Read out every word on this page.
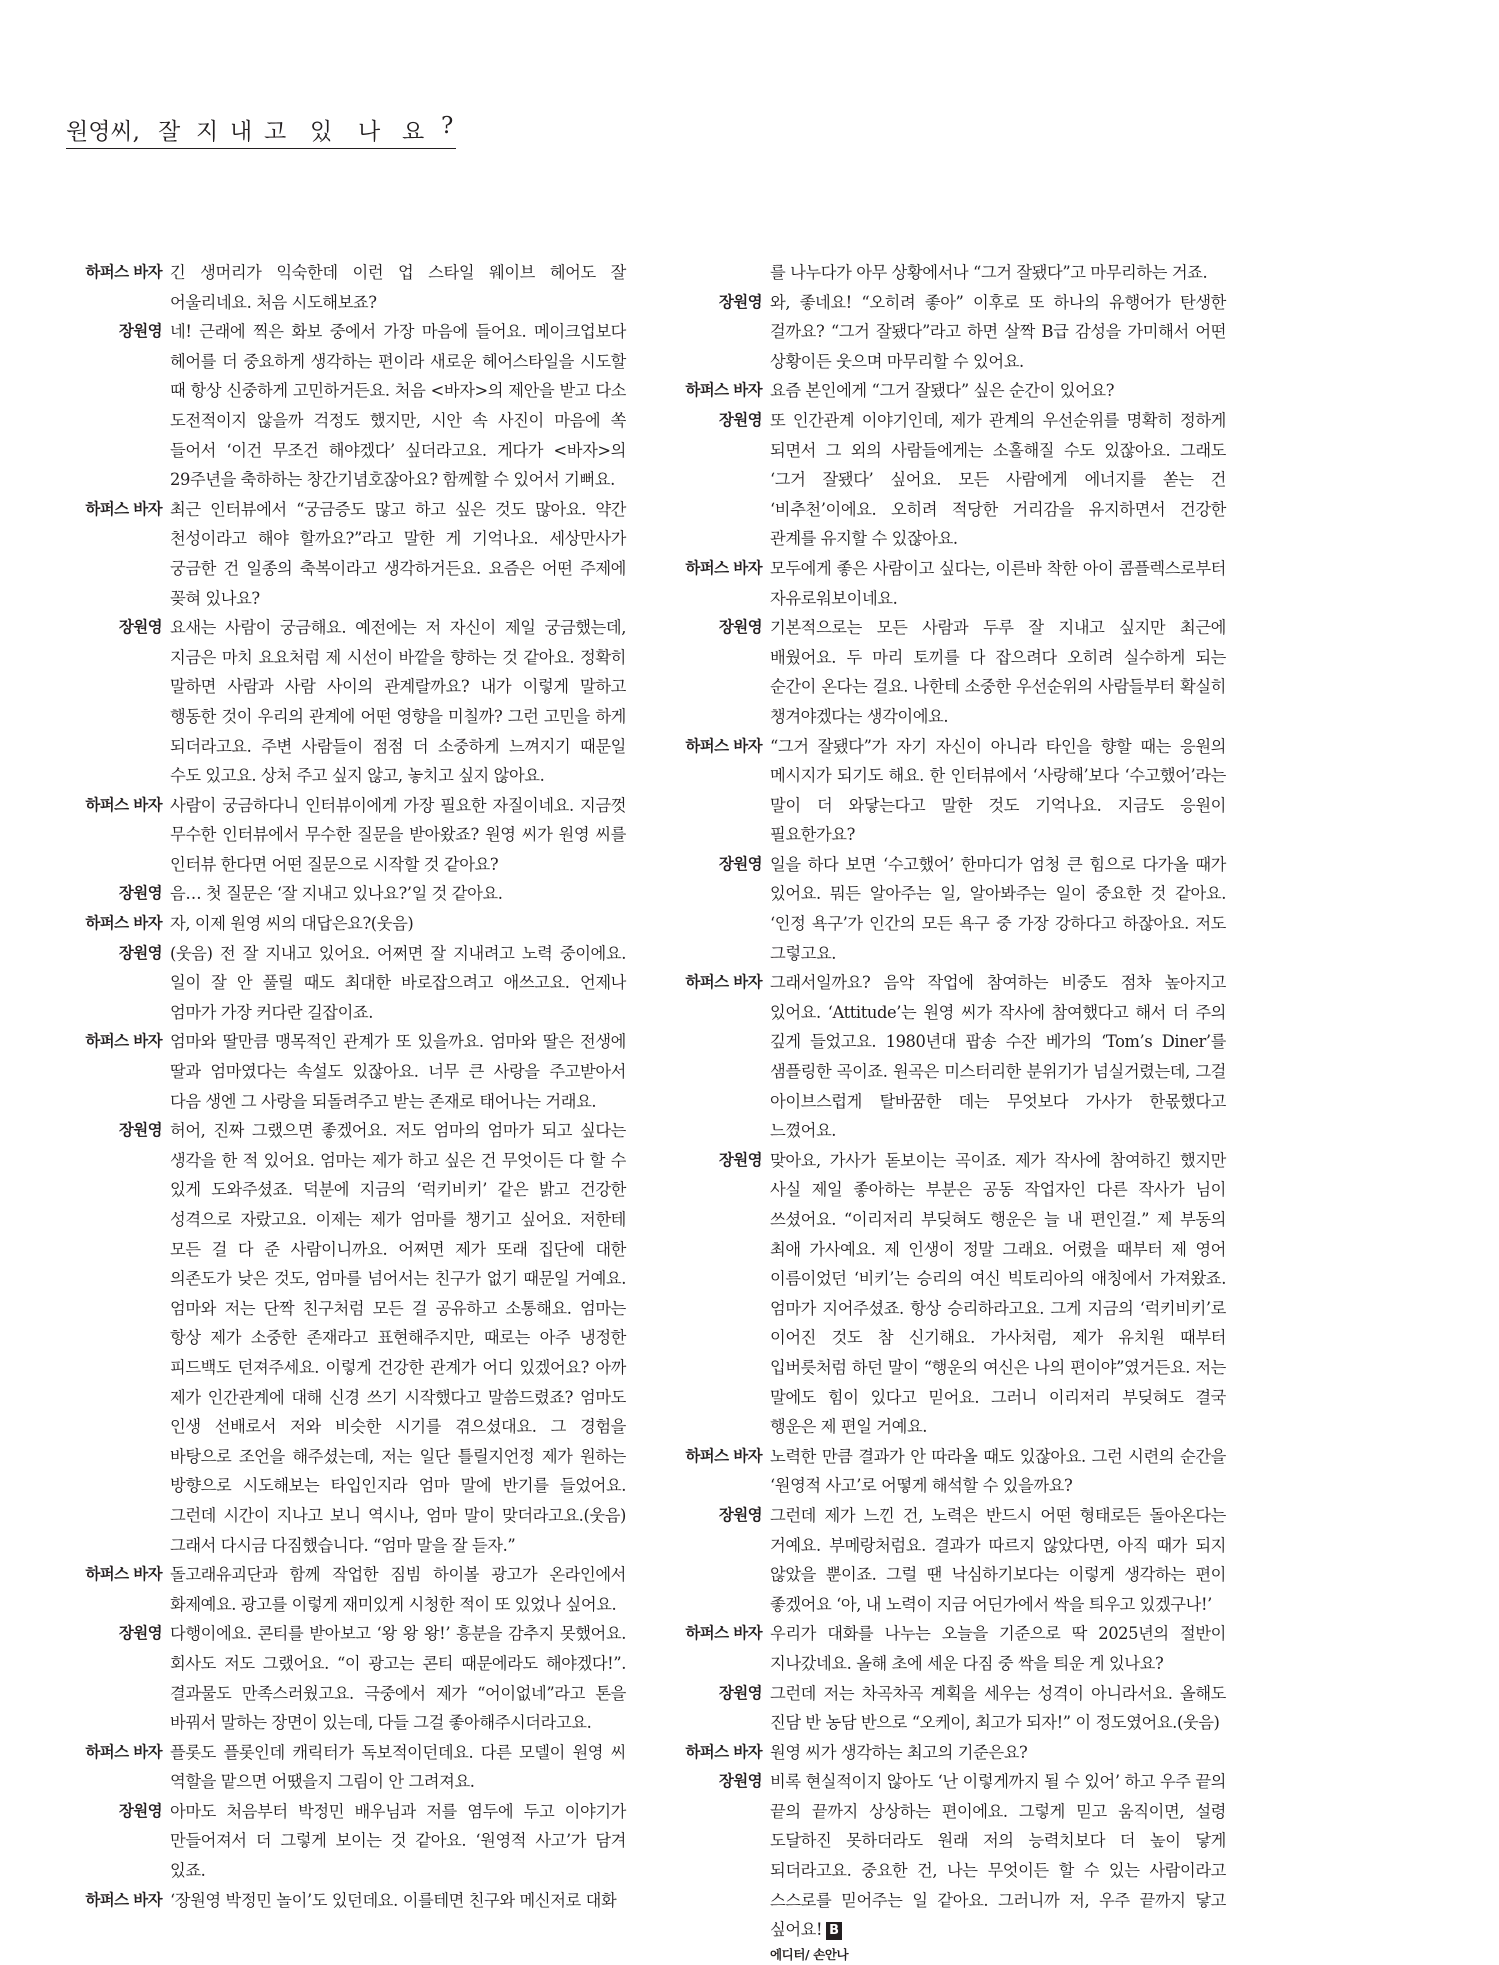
원영씨, 잘 지 내 고 있 나 요 ?
하퍼스 바자 긴 생머리가 익숙한데 이런 업 스타일 웨이브 헤어도 잘 어울리네요. 처음 시도해보죠?
장원영 네! 근래에 찍은 화보 중에서 가장 마음에 들어요. 메이크업보다 헤어를 더 중요하게 생각하는 편이라 새로운 헤어스타일을 시도할 때 항상 신중하게 고민하거든요. 처음 <바자>의 제안을 받고 다소 도전적이지 않을까 걱정도 했지만, 시안 속 사진이 마음에 쏙 들어서 ‘이건 무조건 해야겠다’ 싶더라고요. 게다가 <바자>의 29주년을 축하하는 창간기념호잖아요? 함께할 수 있어서 기뻐요.
하퍼스 바자 최근 인터뷰에서 “궁금증도 많고 하고 싶은 것도 많아요. 약간 천성이라고 해야 할까요?”라고 말한 게 기억나요. 세상만사가 궁금한 건 일종의 축복이라고 생각하거든요. 요즘은 어떤 주제에 꽂혀 있나요?
장원영 요새는 사람이 궁금해요. 예전에는 저 자신이 제일 궁금했는데, 지금은 마치 요요처럼 제 시선이 바깥을 향하는 것 같아요. 정확히 말하면 사람과 사람 사이의 관계랄까요? 내가 이렇게 말하고 행동한 것이 우리의 관계에 어떤 영향을 미칠까? 그런 고민을 하게 되더라고요. 주변 사람들이 점점 더 소중하게 느껴지기 때문일 수도 있고요. 상처 주고 싶지 않고, 놓치고 싶지 않아요.
하퍼스 바자 사람이 궁금하다니 인터뷰이에게 가장 필요한 자질이네요. 지금껏 무수한 인터뷰에서 무수한 질문을 받아왔죠? 원영 씨가 원영 씨를 인터뷰 한다면 어떤 질문으로 시작할 것 같아요?
장원영 음… 첫 질문은 ‘잘 지내고 있나요?’일 것 같아요.
하퍼스 바자 자, 이제 원영 씨의 대답은요?(웃음)
장원영 (웃음) 전 잘 지내고 있어요. 어쩌면 잘 지내려고 노력 중이에요. 일이 잘 안 풀릴 때도 최대한 바로잡으려고 애쓰고요. 언제나 엄마가 가장 커다란 길잡이죠.
하퍼스 바자 엄마와 딸만큼 맹목적인 관계가 또 있을까요. 엄마와 딸은 전생에 딸과 엄마였다는 속설도 있잖아요. 너무 큰 사랑을 주고받아서 다음 생엔 그 사랑을 되돌려주고 받는 존재로 태어나는 거래요.
장원영 허어, 진짜 그랬으면 좋겠어요. 저도 엄마의 엄마가 되고 싶다는 생각을 한 적 있어요. 엄마는 제가 하고 싶은 건 무엇이든 다 할 수 있게 도와주셨죠. 덕분에 지금의 ‘럭키비키’ 같은 밝고 건강한 성격으로 자랐고요. 이제는 제가 엄마를 챙기고 싶어요. 저한테 모든 걸 다 준 사람이니까요. 어쩌면 제가 또래 집단에 대한 의존도가 낮은 것도, 엄마를 넘어서는 친구가 없기 때문일 거예요. 엄마와 저는 단짝 친구처럼 모든 걸 공유하고 소통해요. 엄마는 항상 제가 소중한 존재라고 표현해주지만, 때로는 아주 냉정한 피드백도 던져주세요. 이렇게 건강한 관계가 어디 있겠어요? 아까 제가 인간관계에 대해 신경 쓰기 시작했다고 말씀드렸죠? 엄마도 인생 선배로서 저와 비슷한 시기를 겪으셨대요. 그 경험을 바탕으로 조언을 해주셨는데, 저는 일단 틀릴지언정 제가 원하는 방향으로 시도해보는 타입인지라 엄마 말에 반기를 들었어요. 그런데 시간이 지나고 보니 역시나, 엄마 말이 맞더라고요.(웃음) 그래서 다시금 다짐했습니다. “엄마 말을 잘 듣자.”
하퍼스 바자 돌고래유괴단과 함께 작업한 짐빔 하이볼 광고가 온라인에서 화제예요. 광고를 이렇게 재미있게 시청한 적이 또 있었나 싶어요.
장원영 다행이에요. 콘티를 받아보고 ‘왕 왕 왕!’ 흥분을 감추지 못했어요. 회사도 저도 그랬어요. “이 광고는 콘티 때문에라도 해야겠다!”. 결과물도 만족스러웠고요. 극중에서 제가 “어이없네”라고 톤을 바꿔서 말하는 장면이 있는데, 다들 그걸 좋아해주시더라고요.
하퍼스 바자 플롯도 플롯인데 캐릭터가 독보적이던데요. 다른 모델이 원영 씨 역할을 맡으면 어땠을지 그림이 안 그려져요.
장원영 아마도 처음부터 박정민 배우님과 저를 염두에 두고 이야기가 만들어져서 더 그렇게 보이는 것 같아요. ‘원영적 사고’가 담겨 있죠.
하퍼스 바자 ‘장원영 박정민 놀이’도 있던데요. 이를테면 친구와 메신저로 대화
를 나누다가 아무 상황에서나 “그거 잘됐다”고 마무리하는 거죠.
장원영 와, 좋네요! “오히려 좋아” 이후로 또 하나의 유행어가 탄생한 걸까요? “그거 잘됐다”라고 하면 살짝 B급 감성을 가미해서 어떤 상황이든 웃으며 마무리할 수 있어요.
하퍼스 바자 요즘 본인에게 “그거 잘됐다” 싶은 순간이 있어요?
장원영 또 인간관계 이야기인데, 제가 관계의 우선순위를 명확히 정하게 되면서 그 외의 사람들에게는 소홀해질 수도 있잖아요. 그래도 ‘그거 잘됐다’ 싶어요. 모든 사람에게 에너지를 쏟는 건 ‘비추천’이에요. 오히려 적당한 거리감을 유지하면서 건강한 관계를 유지할 수 있잖아요.
하퍼스 바자 모두에게 좋은 사람이고 싶다는, 이른바 착한 아이 콤플렉스로부터 자유로워보이네요.
장원영 기본적으로는 모든 사람과 두루 잘 지내고 싶지만 최근에 배웠어요. 두 마리 토끼를 다 잡으려다 오히려 실수하게 되는 순간이 온다는 걸요. 나한테 소중한 우선순위의 사람들부터 확실히 챙겨야겠다는 생각이에요.
하퍼스 바자 “그거 잘됐다”가 자기 자신이 아니라 타인을 향할 때는 응원의 메시지가 되기도 해요. 한 인터뷰에서 ‘사랑해’보다 ‘수고했어’라는 말이 더 와닿는다고 말한 것도 기억나요. 지금도 응원이 필요한가요?
장원영 일을 하다 보면 ‘수고했어’ 한마디가 엄청 큰 힘으로 다가올 때가 있어요. 뭐든 알아주는 일, 알아봐주는 일이 중요한 것 같아요. ‘인정 욕구’가 인간의 모든 욕구 중 가장 강하다고 하잖아요. 저도 그렇고요.
하퍼스 바자 그래서일까요? 음악 작업에 참여하는 비중도 점차 높아지고 있어요. ‘Attitude’는 원영 씨가 작사에 참여했다고 해서 더 주의 깊게 들었고요. 1980년대 팝송 수잔 베가의 ‘Tom’s Diner’를 샘플링한 곡이죠. 원곡은 미스터리한 분위기가 넘실거렸는데, 그걸 아이브스럽게 탈바꿈한 데는 무엇보다 가사가 한몫했다고 느꼈어요.
장원영 맞아요, 가사가 돋보이는 곡이죠. 제가 작사에 참여하긴 했지만 사실 제일 좋아하는 부분은 공동 작업자인 다른 작사가 님이 쓰셨어요. “이리저리 부딪혀도 행운은 늘 내 편인걸.” 제 부동의 최애 가사예요. 제 인생이 정말 그래요. 어렸을 때부터 제 영어 이름이었던 ‘비키’는 승리의 여신 빅토리아의 애칭에서 가져왔죠. 엄마가 지어주셨죠. 항상 승리하라고요. 그게 지금의 ‘럭키비키’로 이어진 것도 참 신기해요. 가사처럼, 제가 유치원 때부터 입버릇처럼 하던 말이 “행운의 여신은 나의 편이야”였거든요. 저는 말에도 힘이 있다고 믿어요. 그러니 이리저리 부딪혀도 결국 행운은 제 편일 거예요.
하퍼스 바자 노력한 만큼 결과가 안 따라올 때도 있잖아요. 그런 시련의 순간을 ‘원영적 사고’로 어떻게 해석할 수 있을까요?
장원영 그런데 제가 느낀 건, 노력은 반드시 어떤 형태로든 돌아온다는 거예요. 부메랑처럼요. 결과가 따르지 않았다면, 아직 때가 되지 않았을 뿐이죠. 그럴 땐 낙심하기보다는 이렇게 생각하는 편이 좋겠어요 ‘아, 내 노력이 지금 어딘가에서 싹을 틔우고 있겠구나!’
하퍼스 바자 우리가 대화를 나누는 오늘을 기준으로 딱 2025년의 절반이 지나갔네요. 올해 초에 세운 다짐 중 싹을 틔운 게 있나요?
장원영 그런데 저는 차곡차곡 계획을 세우는 성격이 아니라서요. 올해도 진담 반 농담 반으로 “오케이, 최고가 되자!” 이 정도였어요.(웃음)
하퍼스 바자 원영 씨가 생각하는 최고의 기준은요?
장원영 비록 현실적이지 않아도 ‘난 이렇게까지 될 수 있어’ 하고 우주 끝의 끝의 끝까지 상상하는 편이에요. 그렇게 믿고 움직이면, 설령 도달하진 못하더라도 원래 저의 능력치보다 더 높이 닿게 되더라고요. 중요한 건, 나는 무엇이든 할 수 있는 사람이라고 스스로를 믿어주는 일 같아요. 그러니까 저, 우주 끝까지 닿고 싶어요! B
에디터/ 손안나
